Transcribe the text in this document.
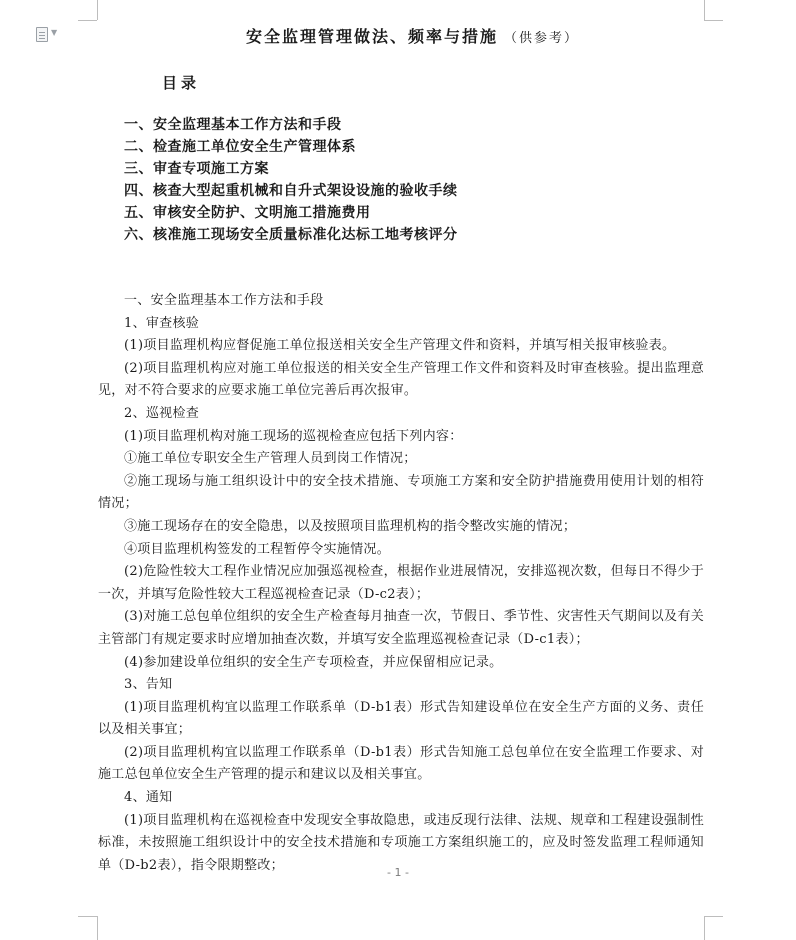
▼	安全监理管理做法、频率与措施 （供参考）
目录
一、安全监理基本工作方法和手段
二、检查施工单位安全生产管理体系
三、审查专项施工方案
四、核查大型起重机械和自升式架设设施的验收手续
五、审核安全防护、文明施工措施费用
六、核准施工现场安全质量标准化达标工地考核评分

一、安全监理基本工作方法和手段

1、审查核验

(1)项目监理机构应督促施工单位报送相关安全生产管理文件和资料，并填写相关报审核验表。

(2)项目监理机构应对施工单位报送的相关安全生产管理工作文件和资料及时审查核验。提出监理意见，对不符合要求的应要求施工单位完善后再次报审。

2、巡视检查

(1)项目监理机构对施工现场的巡视检查应包括下列内容：

①施工单位专职安全生产管理人员到岗工作情况；

②施工现场与施工组织设计中的安全技术措施、专项施工方案和安全防护措施费用使用计划的相符情况；

③施工现场存在的安全隐患，以及按照项目监理机构的指令整改实施的情况；

④项目监理机构签发的工程暂停令实施情况。

(2)危险性较大工程作业情况应加强巡视检查，根据作业进展情况，安排巡视次数，但每日不得少于一次，并填写危险性较大工程巡视检查记录（D-c2表）；

(3)对施工总包单位组织的安全生产检查每月抽查一次，节假日、季节性、灾害性天气期间以及有关主管部门有规定要求时应增加抽查次数，并填写安全监理巡视检查记录（D-c1表）；

(4)参加建设单位组织的安全生产专项检查，并应保留相应记录。

3、告知

(1)项目监理机构宜以监理工作联系单（D-b1表）形式告知建设单位在安全生产方面的义务、责任以及相关事宜；

(2)项目监理机构宜以监理工作联系单（D-b1表）形式告知施工总包单位在安全监理工作要求、对施工总包单位安全生产管理的提示和建议以及相关事宜。

4、通知

(1)项目监理机构在巡视检查中发现安全事故隐患，或违反现行法律、法规、规章和工程建设强制性标准，未按照施工组织设计中的安全技术措施和专项施工方案组织施工的，应及时签发监理工程师通知单（D-b2表），指令限期整改；	- 1 -
